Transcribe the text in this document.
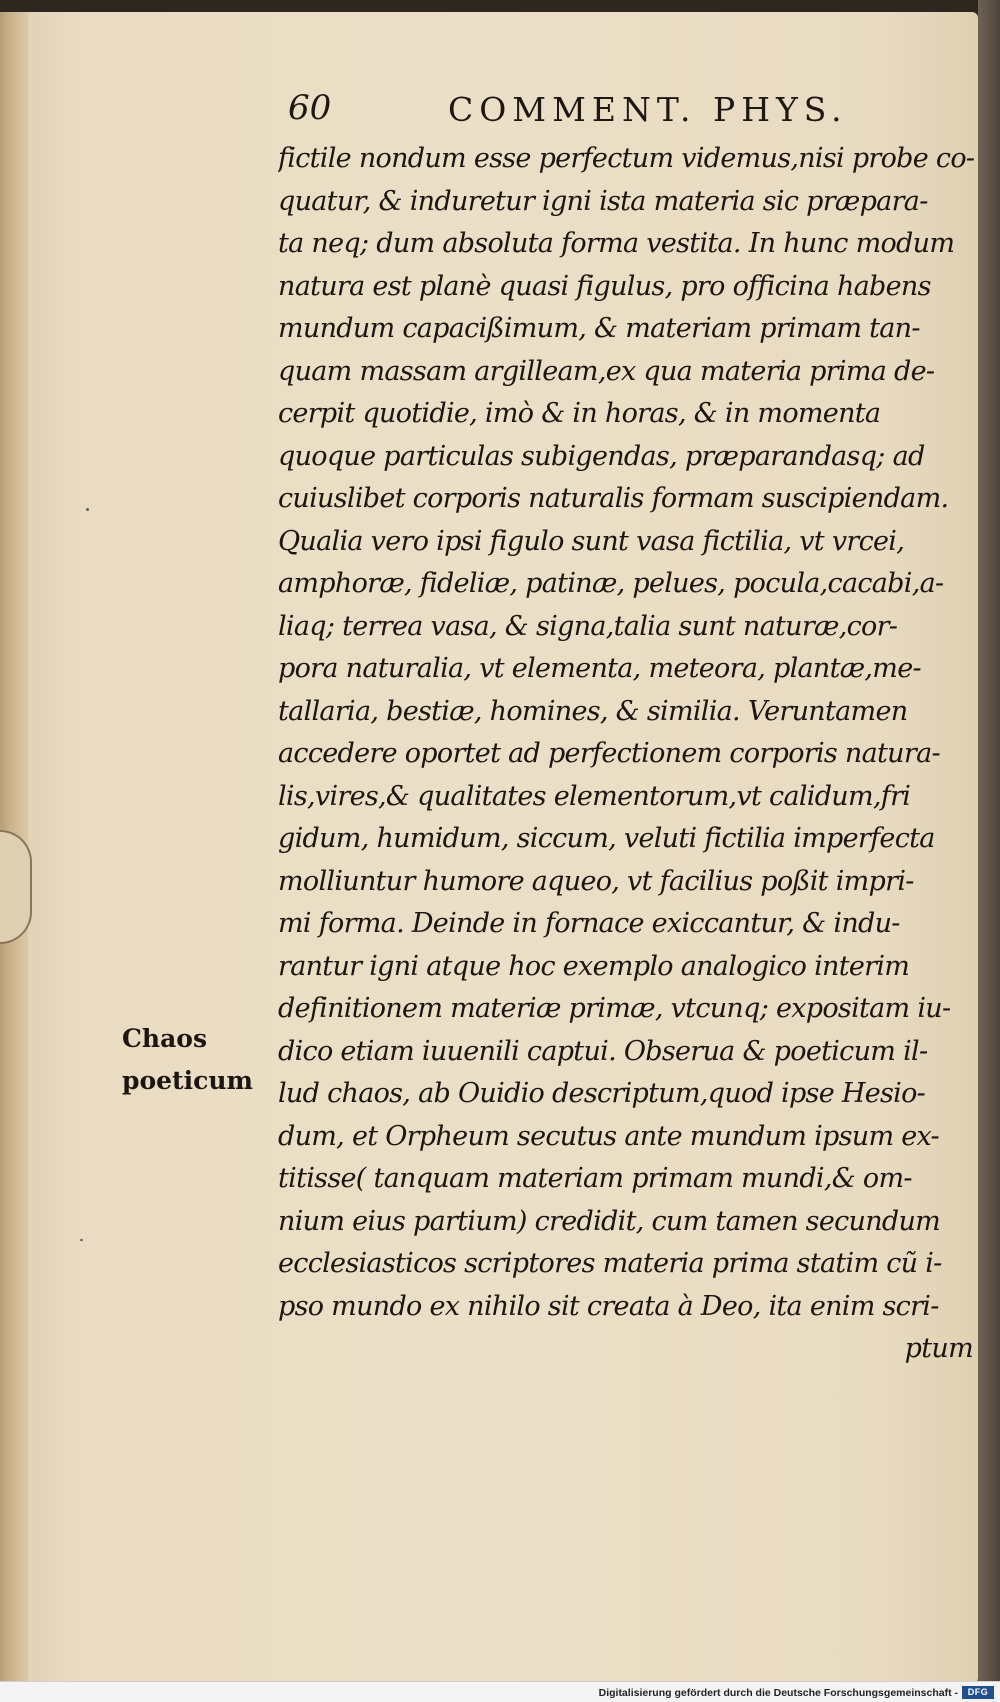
60	COMMENT. PHYS.
Chaos
poeticum
fictile nondum esse perfectum videmus,nisi probe co-
quatur, & induretur igni ista materia sic præpara-
ta neq; dum absoluta forma vestita. In hunc modum
natura est planè quasi figulus, pro officina habens
mundum capacißimum, & materiam primam tan-
quam massam argilleam,ex qua materia prima de-
cerpit quotidie, imò & in horas, & in momenta
quoque particulas subigendas, præparandasq; ad
cuiuslibet corporis naturalis formam suscipiendam.
Qualia vero ipsi figulo sunt vasa fictilia, vt vrcei,
amphoræ, fideliæ, patinæ, pelues, pocula,cacabi,a-
liaq; terrea vasa, & signa,talia sunt naturæ,cor-
pora naturalia, vt elementa, meteora, plantæ,me-
tallaria, bestiæ, homines, & similia. Veruntamen
accedere oportet ad perfectionem corporis natura-
lis,vires,& qualitates elementorum,vt calidum,fri
gidum, humidum, siccum, veluti fictilia imperfecta
molliuntur humore aqueo, vt facilius poßit impri-
mi forma. Deinde in fornace exiccantur, & indu-
rantur igni atque hoc exemplo analogico interim
definitionem materiæ primæ, vtcunq; expositam iu-
dico etiam iuuenili captui. Obserua & poeticum il-
lud chaos, ab Ouidio descriptum,quod ipse Hesio-
dum, et Orpheum secutus ante mundum ipsum ex-
titisse( tanquam materiam primam mundi,& om-
nium eius partium) credidit, cum tamen secundum
ecclesiasticos scriptores materia prima statim cũ i-
pso mundo ex nihilo sit creata à Deo, ita enim scri-
ptum
Digitalisierung gefördert durch die Deutsche Forschungsgemeinschaft -	DFG
